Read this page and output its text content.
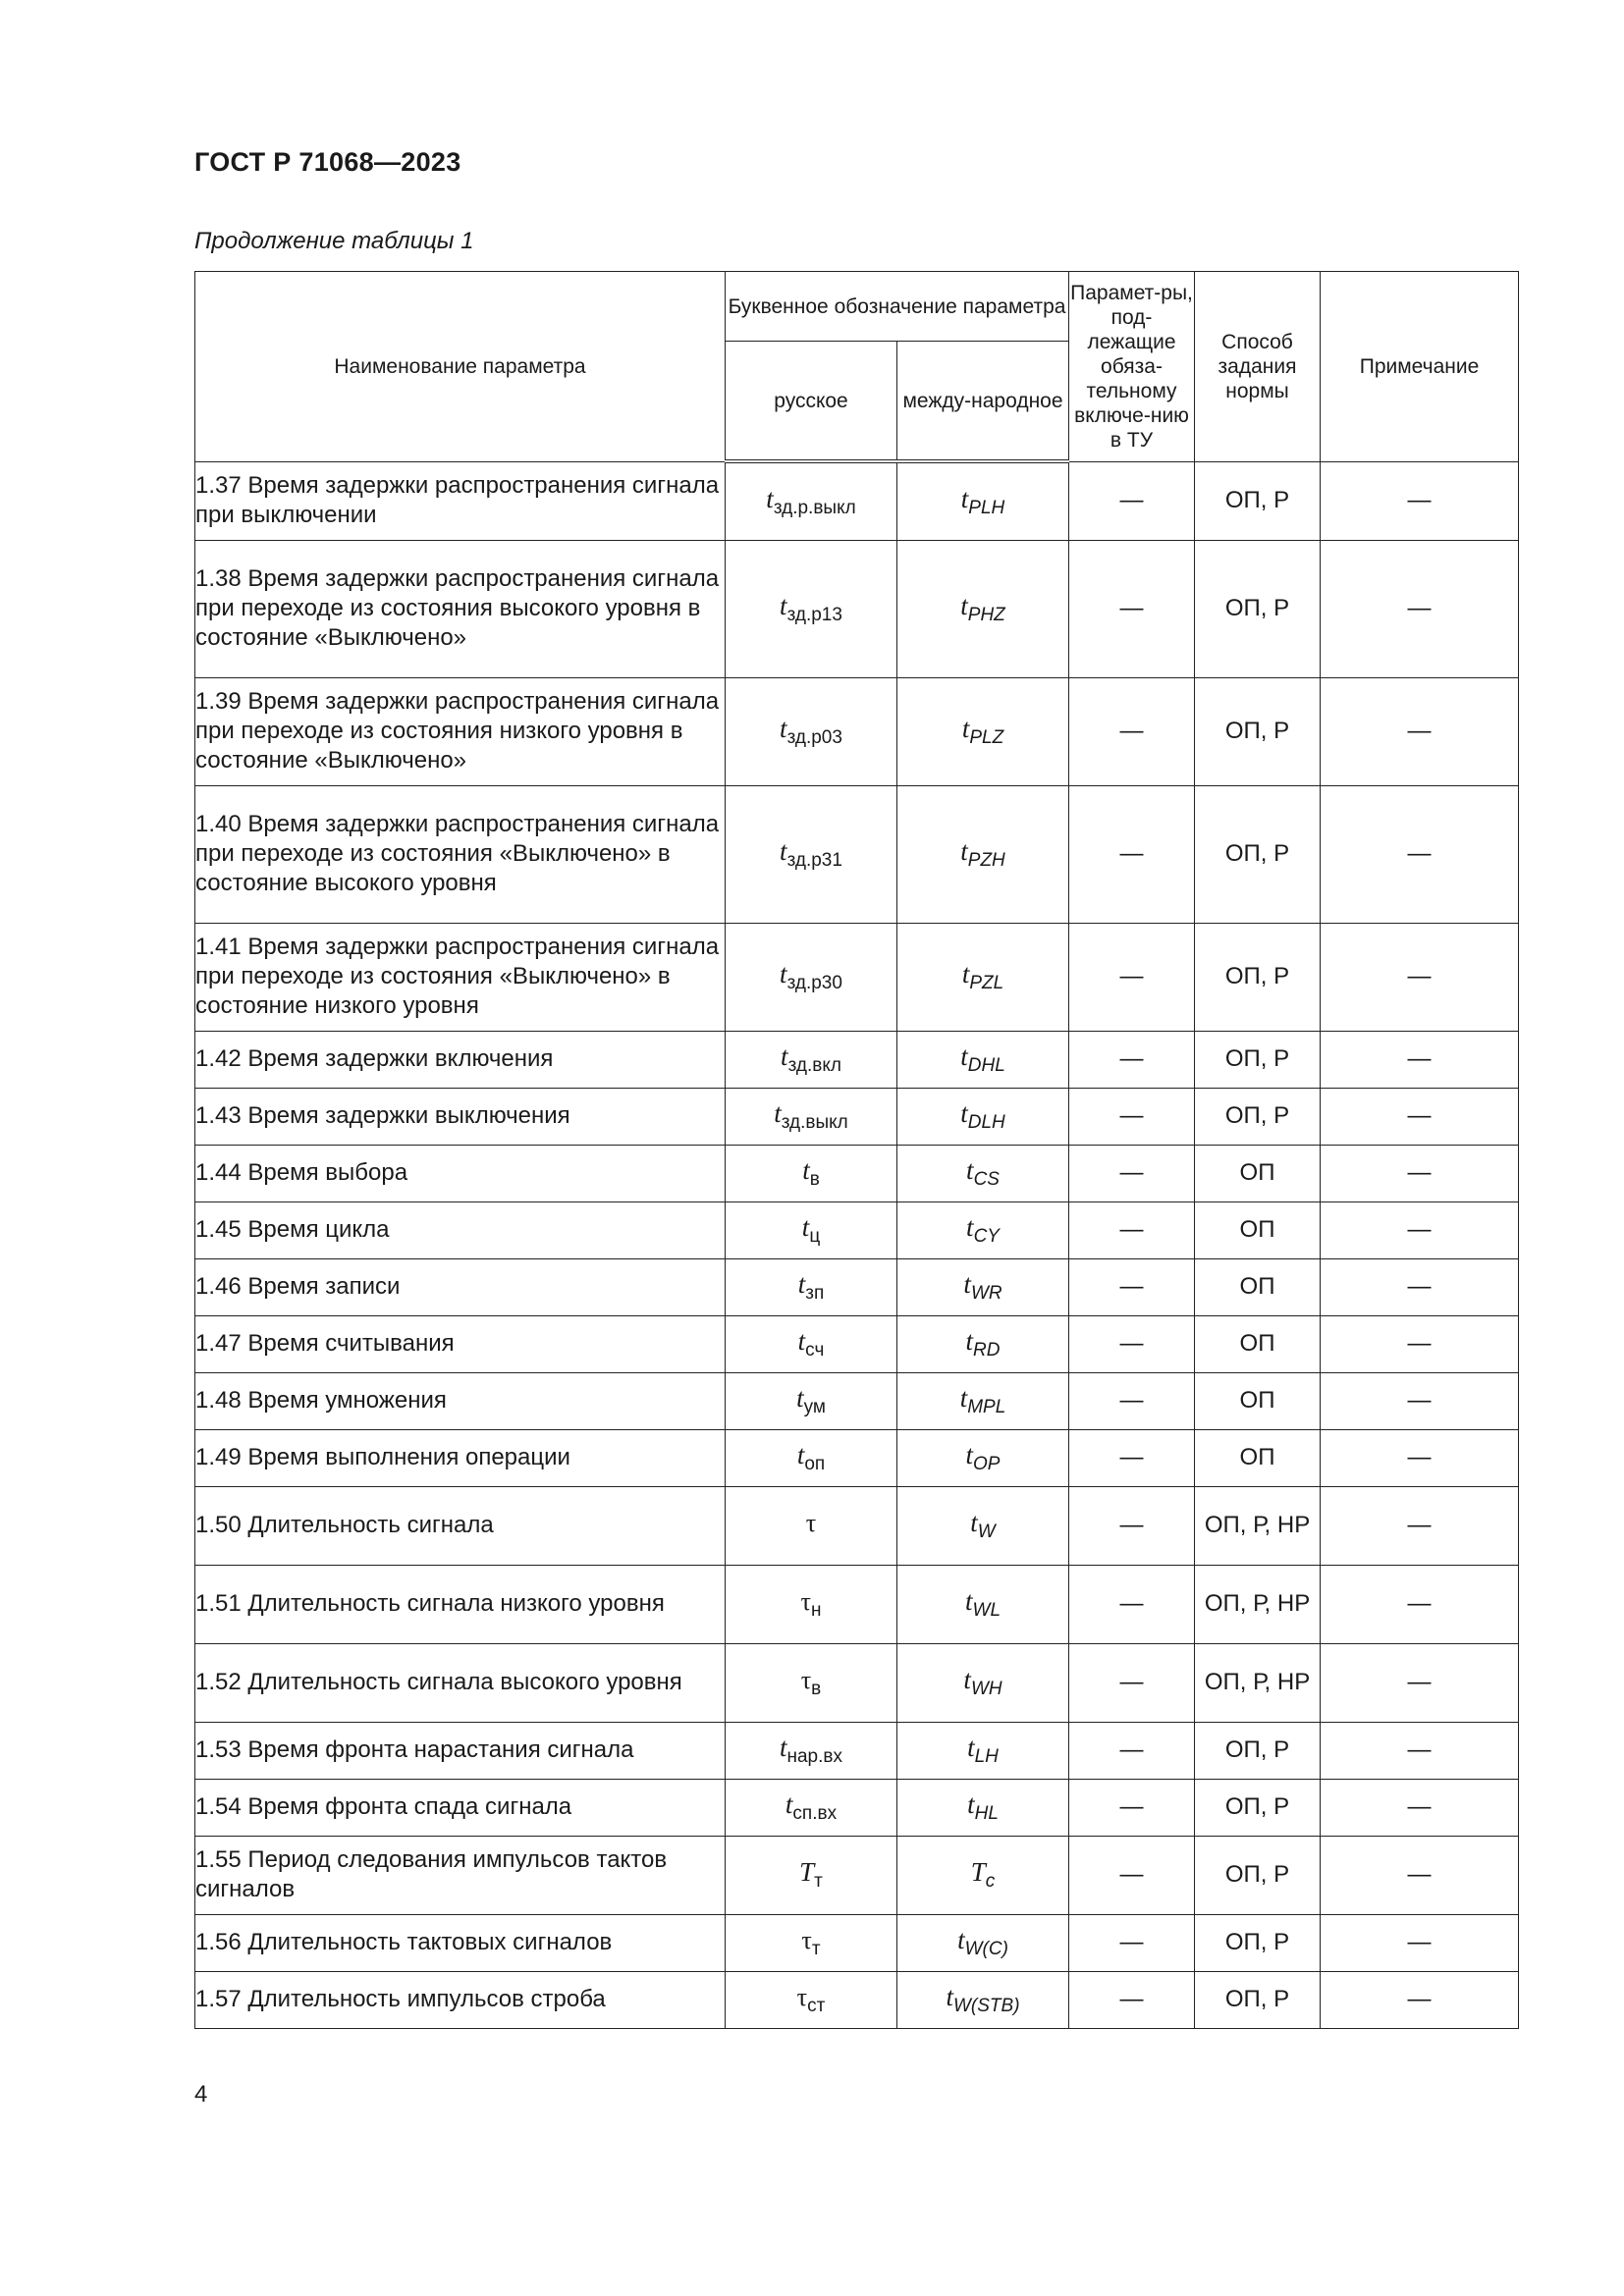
ГОСТ Р 71068—2023
Продолжение таблицы 1
Наименование параметра	Буквенное обозначение параметра		Парамет-ры, под-лежащие обяза-тельному включе-нию в ТУ	Способ задания нормы	Примечание
	русское	между-народное			
1.37 Время задержки распространения сигнала при выключении	$t_{зд.р.выкл}$	$t_{PLH}$	—	ОП, Р	—
1.38 Время задержки распространения сигнала при переходе из состояния высокого уровня в состояние «Выключено»	$t_{зд.р13}$	$t_{PHZ}$	—	ОП, Р	—
1.39 Время задержки распространения сигнала при переходе из состояния низкого уровня в состояние «Выключено»	$t_{зд.р03}$	$t_{PLZ}$	—	ОП, Р	—
1.40 Время задержки распространения сигнала при переходе из состояния «Выключено» в состояние высокого уровня	$t_{зд.р31}$	$t_{PZH}$	—	ОП, Р	—
1.41 Время задержки распространения сигнала при переходе из состояния «Выключено» в состояние низкого уровня	$t_{зд.р30}$	$t_{PZL}$	—	ОП, Р	—
1.42 Время задержки включения	$t_{зд.вкл}$	$t_{DHL}$	—	ОП, Р	—
1.43 Время задержки выключения	$t_{зд.выкл}$	$t_{DLH}$	—	ОП, Р	—
1.44 Время выбора	$t_в$	$t_{CS}$	—	ОП	—
1.45 Время цикла	$t_ц$	$t_{CY}$	—	ОП	—
1.46 Время записи	$t_{зп}$	$t_{WR}$	—	ОП	—
1.47 Время считывания	$t_{сч}$	$t_{RD}$	—	ОП	—
1.48 Время умножения	$t_{ум}$	$t_{MPL}$	—	ОП	—
1.49 Время выполнения операции	$t_{оп}$	$t_{OP}$	—	ОП	—
1.50 Длительность сигнала	τ	$t_W$	—	ОП, Р, НР	—
1.51 Длительность сигнала низкого уровня	$\tau_н$	$t_{WL}$	—	ОП, Р, НР	—
1.52 Длительность сигнала высокого уровня	$\tau_в$	$t_{WH}$	—	ОП, Р, НР	—
1.53 Время фронта нарастания сигнала	$t_{нар.вх}$	$t_{LH}$	—	ОП, Р	—
1.54 Время фронта спада сигнала	$t_{сп.вх}$	$t_{HL}$	—	ОП, Р	—
1.55 Период следования импульсов тактов сигналов	$T_т$	$T_c$	—	ОП, Р	—
1.56 Длительность тактовых сигналов	$\tau_т$	$t_{W(C)}$	—	ОП, Р	—
1.57 Длительность импульсов строба	$\tau_{ст}$	$t_{W(STB)}$	—	ОП, Р	—
4
